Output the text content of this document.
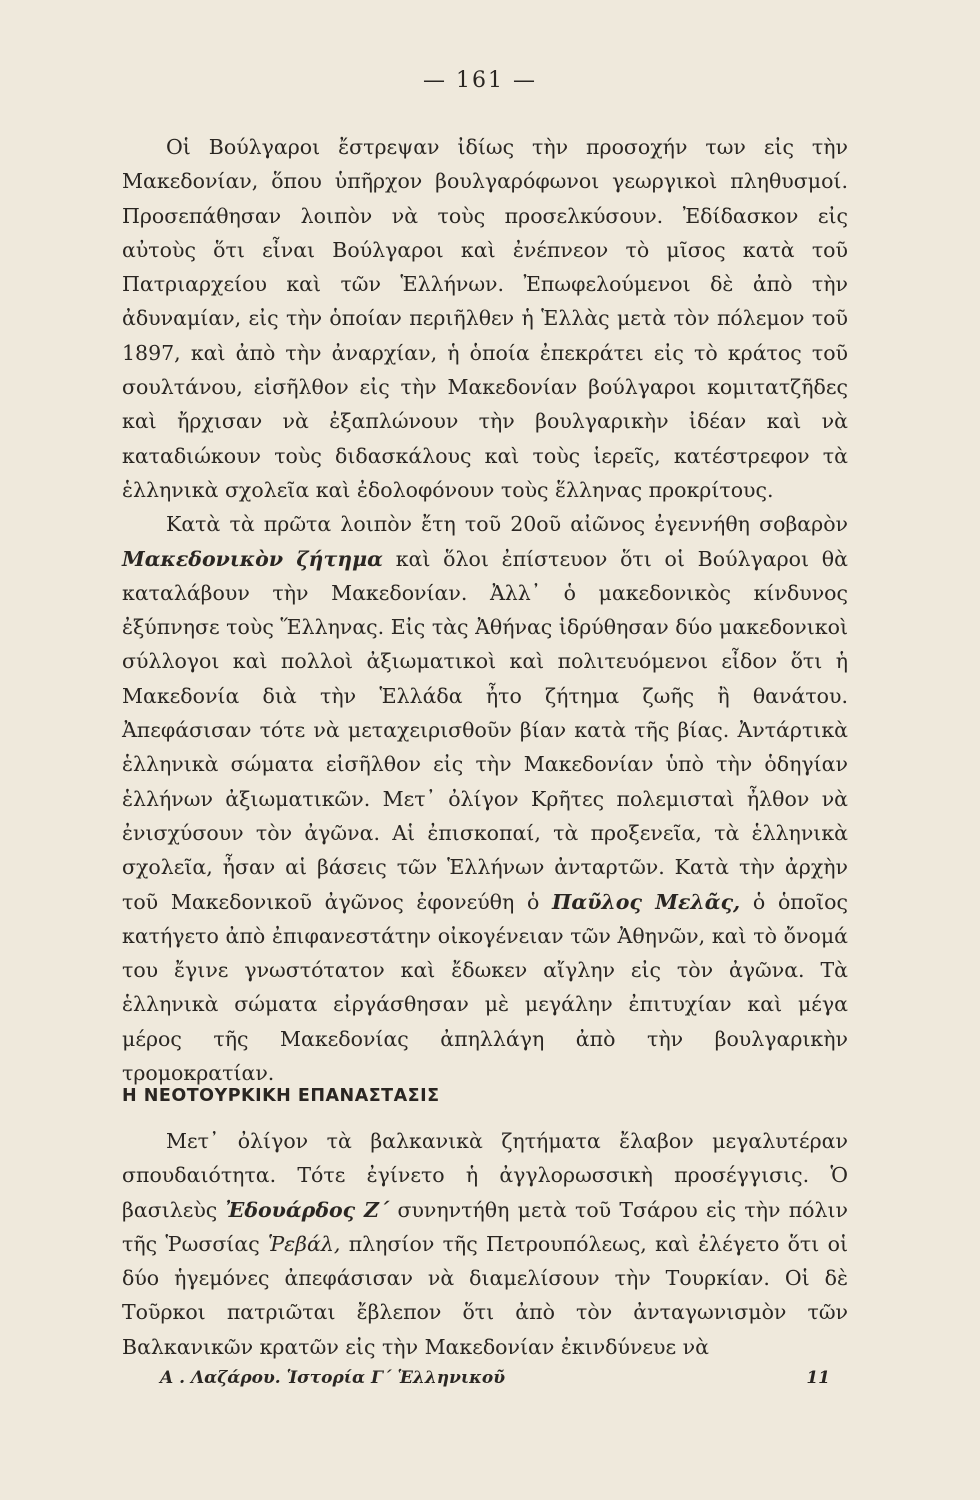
— 161 —

Οἱ Βούλγαροι ἔστρεψαν ἰδίως τὴν προσοχήν των εἰς τὴν Μακεδονίαν, ὅπου ὑπῆρχον βουλγαρόφωνοι γεωργικοὶ πληθυσμοί. Προσεπάθησαν λοιπὸν νὰ τοὺς προσελκύσουν. Ἐδίδασκον εἰς αὐτοὺς ὅτι εἶναι Βούλγαροι καὶ ἐνέπνεον τὸ μῖσος κατὰ τοῦ Πατριαρχείου καὶ τῶν Ἑλλήνων. Ἐπωφελούμενοι δὲ ἀπὸ τὴν ἀδυναμίαν, εἰς τὴν ὁποίαν περιῆλθεν ἡ Ἑλλὰς μετὰ τὸν πόλεμον τοῦ 1897, καὶ ἀπὸ τὴν ἀναρχίαν, ἡ ὁποία ἐπεκράτει εἰς τὸ κράτος τοῦ σουλτάνου, εἰσῆλθον εἰς τὴν Μακεδονίαν βούλγαροι κομιτατζῆδες καὶ ἤρχισαν νὰ ἐξαπλώνουν τὴν βουλγαρικὴν ἰδέαν καὶ νὰ καταδιώκουν τοὺς διδασκάλους καὶ τοὺς ἱερεῖς, κατέστρεφον τὰ ἑλληνικὰ σχολεῖα καὶ ἐδολοφόνουν τοὺς ἕλληνας προκρίτους.

Κατὰ τὰ πρῶτα λοιπὸν ἔτη τοῦ 20οῦ αἰῶνος ἐγεννήθη σοβαρὸν Μακεδονικὸν ζήτημα καὶ ὅλοι ἐπίστευον ὅτι οἱ Βούλγαροι θὰ καταλάβουν τὴν Μακεδονίαν. Ἀλλ᾿ ὁ μακεδονικὸς κίνδυνος ἐξύπνησε τοὺς Ἕλληνας. Εἰς τὰς Ἀθήνας ἱδρύθησαν δύο μακεδονικοὶ σύλλογοι καὶ πολλοὶ ἀξιωματικοὶ καὶ πολιτευόμενοι εἶδον ὅτι ἡ Μακεδονία διὰ τὴν Ἑλλάδα ἦτο ζήτημα ζωῆς ἢ θανάτου. Ἀπεφάσισαν τότε νὰ μεταχειρισθοῦν βίαν κατὰ τῆς βίας. Ἀντάρτικὰ ἑλληνικὰ σώματα εἰσῆλθον εἰς τὴν Μακεδονίαν ὑπὸ τὴν ὁδηγίαν ἑλλήνων ἀξιωματικῶν. Μετ᾿ ὀλίγον Κρῆτες πολεμισταὶ ἦλθον νὰ ἐνισχύσουν τὸν ἀγῶνα. Αἱ ἐπισκοπαί, τὰ προξενεῖα, τὰ ἑλληνικὰ σχολεῖα, ἦσαν αἱ βάσεις τῶν Ἑλλήνων ἀνταρτῶν. Κατὰ τὴν ἀρχὴν τοῦ Μακεδονικοῦ ἀγῶνος ἐφονεύθη ὁ Παῦλος Μελᾶς, ὁ ὁποῖος κατήγετο ἀπὸ ἐπιφανεστάτην οἰκογένειαν τῶν Ἀθηνῶν, καὶ τὸ ὄνομά του ἔγινε γνωστότατον καὶ ἔδωκεν αἴγλην εἰς τὸν ἀγῶνα. Τὰ ἑλληνικὰ σώματα εἰργάσθησαν μὲ μεγάλην ἐπιτυχίαν καὶ μέγα μέρος τῆς Μακεδονίας ἀπηλλάγη ἀπὸ τὴν βουλγαρικὴν τρομοκρατίαν.

Η ΝΕΟΤΟΥΡΚΙΚΗ ΕΠΑΝΑΣΤΑΣΙΣ

Μετ᾿ ὀλίγον τὰ βαλκανικὰ ζητήματα ἔλαβον μεγαλυτέραν σπουδαιότητα. Τότε ἐγίνετο ἡ ἀγγλορωσσικὴ προσέγγισις. Ὁ βασιλεὺς Ἐδουάρδος Ζ΄ συνηντήθη μετὰ τοῦ Τσάρου εἰς τὴν πόλιν τῆς Ῥωσσίας Ῥεβάλ, πλησίον τῆς Πετρουπόλεως, καὶ ἐλέγετο ὅτι οἱ δύο ἡγεμόνες ἀπεφάσισαν νὰ διαμελίσουν τὴν Τουρκίαν. Οἱ δὲ Τοῦρκοι πατριῶται ἔβλεπον ὅτι ἀπὸ τὸν ἀνταγωνισμὸν τῶν Βαλκανικῶν κρατῶν εἰς τὴν Μακεδονίαν ἐκινδύνευε νὰ

Α . Λαζάρου. Ἱστορία Γ΄ Ἑλληνικοῦ	11
